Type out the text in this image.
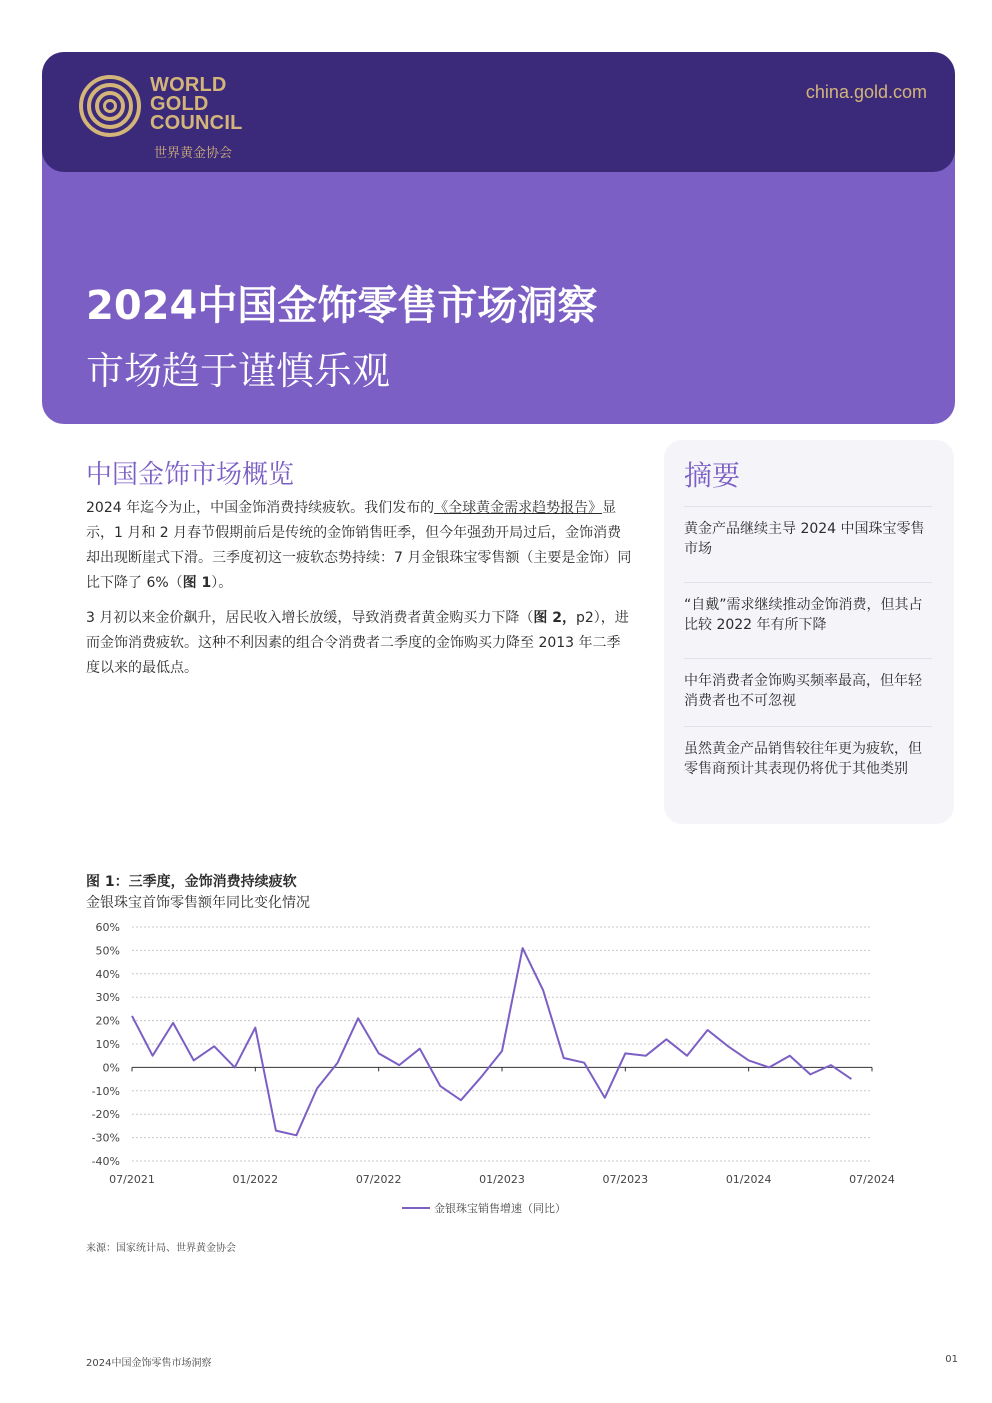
WORLD
GOLD
COUNCIL
世界黄金协会
china.gold.com
2024中国金饰零售市场洞察
市场趋于谨慎乐观
中国金饰市场概览
2024 年迄今为止，中国金饰消费持续疲软。我们发布的《全球黄金需求趋势报告》显示，1 月和 2 月春节假期前后是传统的金饰销售旺季，但今年强劲开局过后，金饰消费却出现断崖式下滑。三季度初这一疲软态势持续：7 月金银珠宝零售额（主要是金饰）同比下降了 6%（图 1）。
3 月初以来金价飙升，居民收入增长放缓，导致消费者黄金购买力下降（图 2，p2），进而金饰消费疲软。这种不利因素的组合令消费者二季度的金饰购买力降至 2013 年二季度以来的最低点。
摘要
黄金产品继续主导 2024 中国珠宝零售市场
“自戴”需求继续推动金饰消费，但其占比较 2022 年有所下降
中年消费者金饰购买频率最高，但年轻消费者也不可忽视
虽然黄金产品销售较往年更为疲软，但零售商预计其表现仍将优于其他类别
图 1：三季度，金饰消费持续疲软
金银珠宝首饰零售额年同比变化情况
60%
50%
40%
30%
20%
10%
0%
-10%
-20%
-30%
-40%
07/2021	01/2022	07/2022	01/2023	07/2023	01/2024	07/2024
金银珠宝销售增速（同比）
来源：国家统计局、世界黄金协会
2024中国金饰零售市场洞察	01
